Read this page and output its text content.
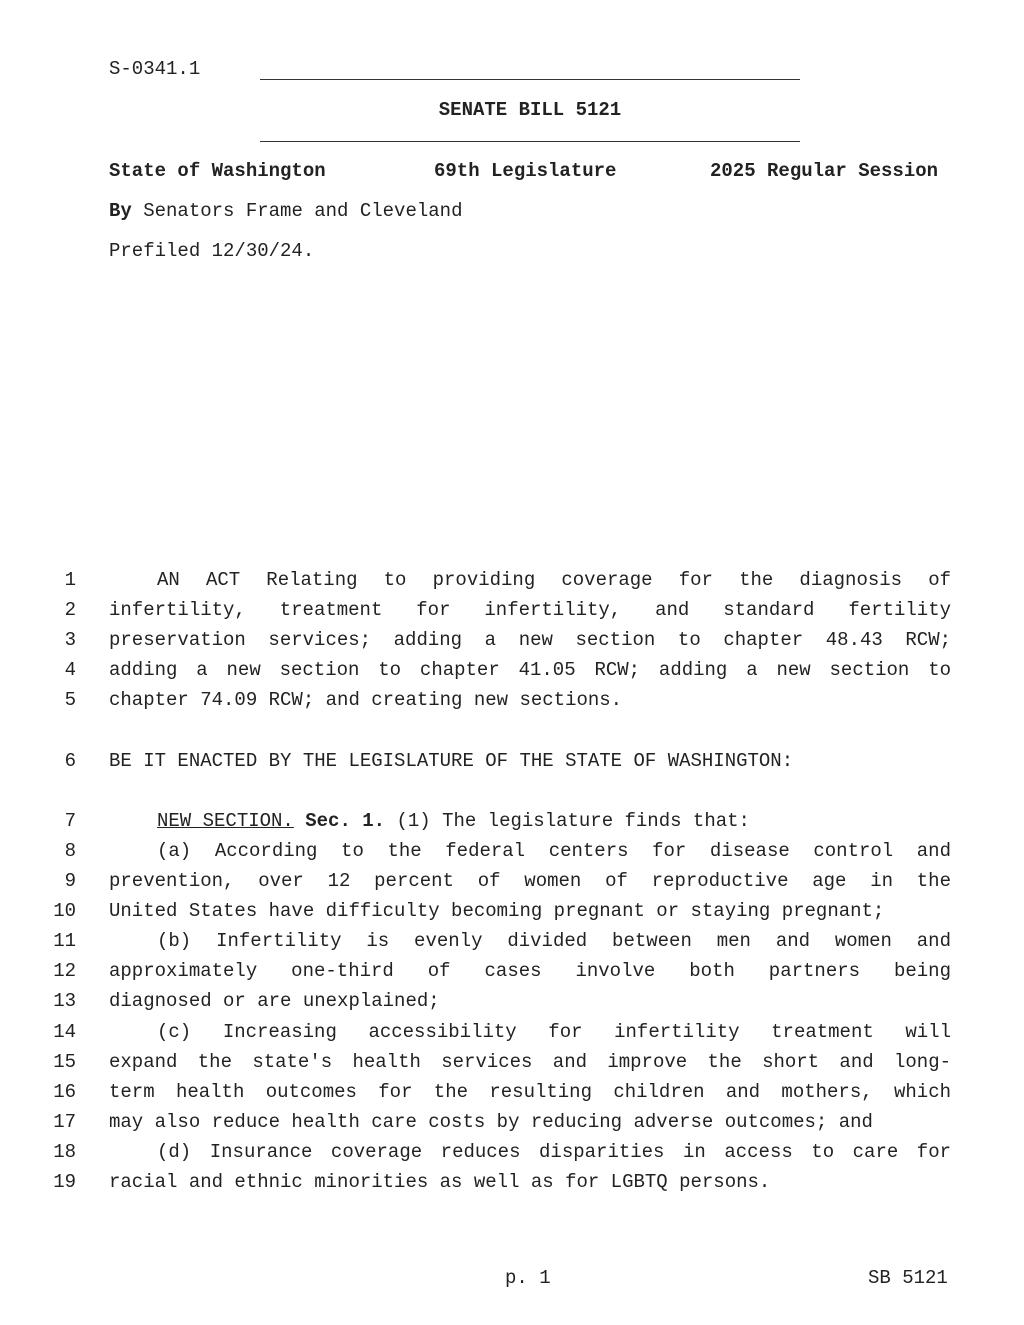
S-0341.1
SENATE BILL 5121
State of Washington	69th Legislature	2025 Regular Session
By Senators Frame and Cleveland
Prefiled 12/30/24.
1
2
3
4
5
6
7
8
9
10
11
12
13
14
15
16
17
18
19
AN ACT Relating to providing coverage for the diagnosis of
infertility, treatment for infertility, and standard fertility
preservation services; adding a new section to chapter 48.43 RCW;
adding a new section to chapter 41.05 RCW; adding a new section to
chapter 74.09 RCW; and creating new sections.
BE IT ENACTED BY THE LEGISLATURE OF THE STATE OF WASHINGTON:
NEW SECTION. Sec. 1. (1) The legislature finds that:
(a) According to the federal centers for disease control and
prevention, over 12 percent of women of reproductive age in the
United States have difficulty becoming pregnant or staying pregnant;
(b) Infertility is evenly divided between men and women and
approximately one-third of cases involve both partners being
diagnosed or are unexplained;
(c) Increasing accessibility for infertility treatment will
expand the state's health services and improve the short and long-
term health outcomes for the resulting children and mothers, which
may also reduce health care costs by reducing adverse outcomes; and
(d) Insurance coverage reduces disparities in access to care for
racial and ethnic minorities as well as for LGBTQ persons.
p. 1	SB 5121
